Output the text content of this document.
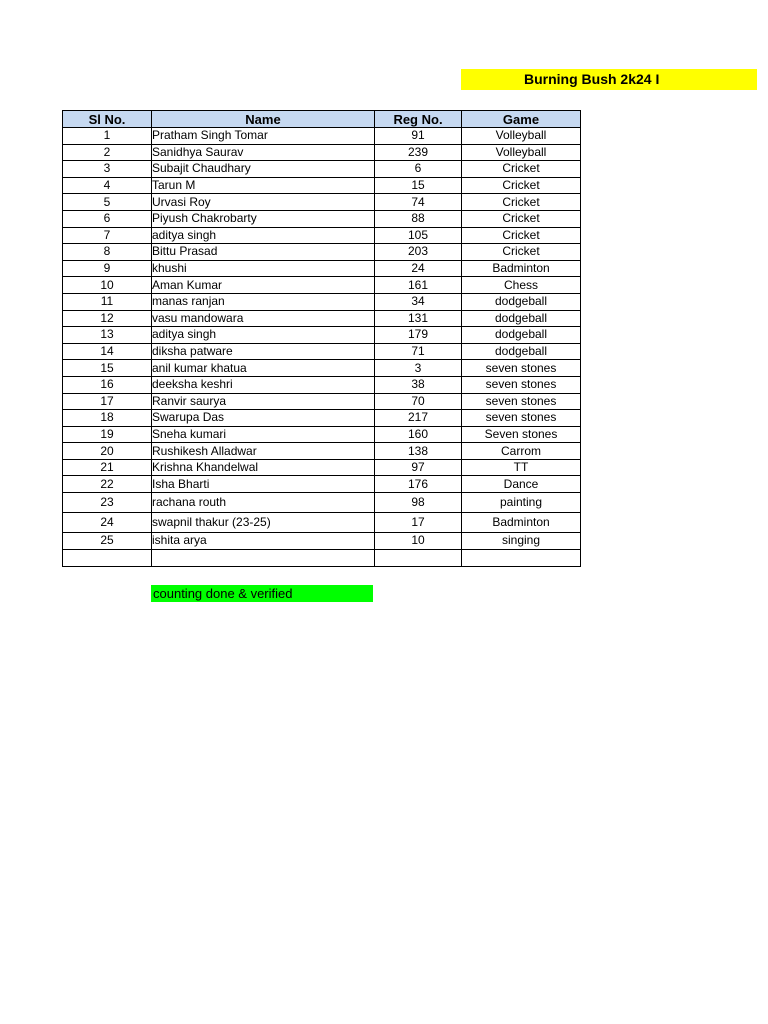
Burning Bush 2k24 I
Sl No.	Name	Reg No.	Game
1	Pratham Singh Tomar	91	Volleyball
2	Sanidhya Saurav	239	Volleyball
3	Subajit Chaudhary	6	Cricket
4	Tarun M	15	Cricket
5	Urvasi Roy	74	Cricket
6	Piyush Chakrobarty	88	Cricket
7	aditya singh	105	Cricket
8	Bittu Prasad	203	Cricket
9	khushi	24	Badminton
10	Aman Kumar	161	Chess
11	manas ranjan	34	dodgeball
12	vasu mandowara	131	dodgeball
13	aditya singh	179	dodgeball
14	diksha patware	71	dodgeball
15	anil kumar khatua	3	seven stones
16	deeksha keshri	38	seven stones
17	Ranvir saurya	70	seven stones
18	Swarupa Das	217	seven stones
19	Sneha kumari	160	Seven stones
20	Rushikesh Alladwar	138	Carrom
21	Krishna Khandelwal	97	TT
22	Isha Bharti	176	Dance
23	rachana routh	98	painting
24	swapnil thakur (23-25)	17	Badminton
25	ishita arya	10	singing

counting done & verified
